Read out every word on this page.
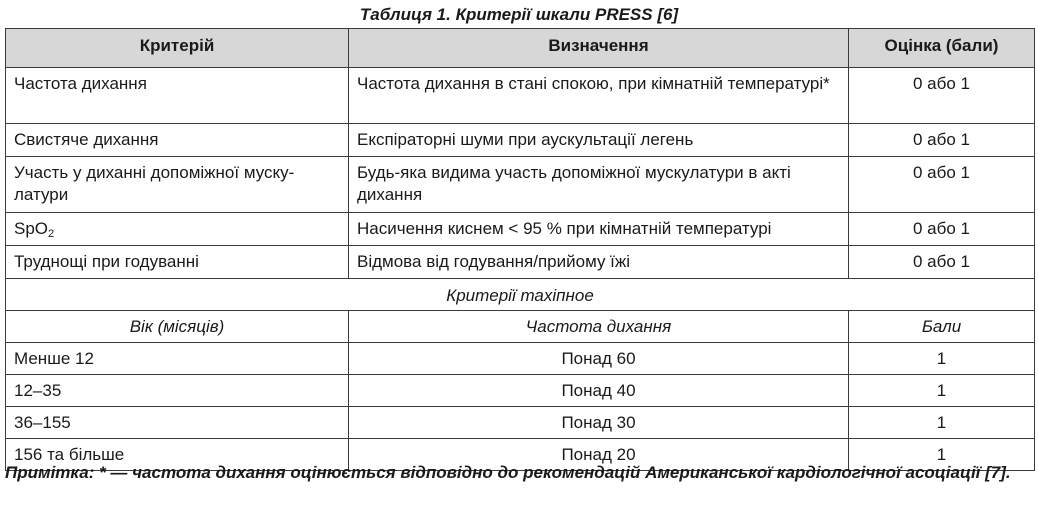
Таблиця 1. Критерії шкали PRESS [6]
Критерій	Визначення	Оцінка (бали)
Частота дихання	Частота дихання в стані спокою, при кімнатній температурі*	0 або 1
Свистяче дихання	Експіраторні шуми при аускультації легень	0 або 1
Участь у диханні допоміжної мускулатури	Будь-яка видима участь допоміжної мускулатури в акті дихання	0 або 1
SpO$_2$	Насичення киснем < 95 % при кімнатній температурі	0 або 1
Труднощі при годуванні	Відмова від годування/прийому їжі	0 або 1
Критерії тахіпное		
Вік (місяців)	Частота дихання	Бали
Менше 12	Понад 60	1
12–35	Понад 40	1
36–155	Понад 30	1
156 та більше	Понад 20	1
Примітка: * — частота дихання оцінюється відповідно до рекомендацій Американської кардіологічної асоціації [7].
